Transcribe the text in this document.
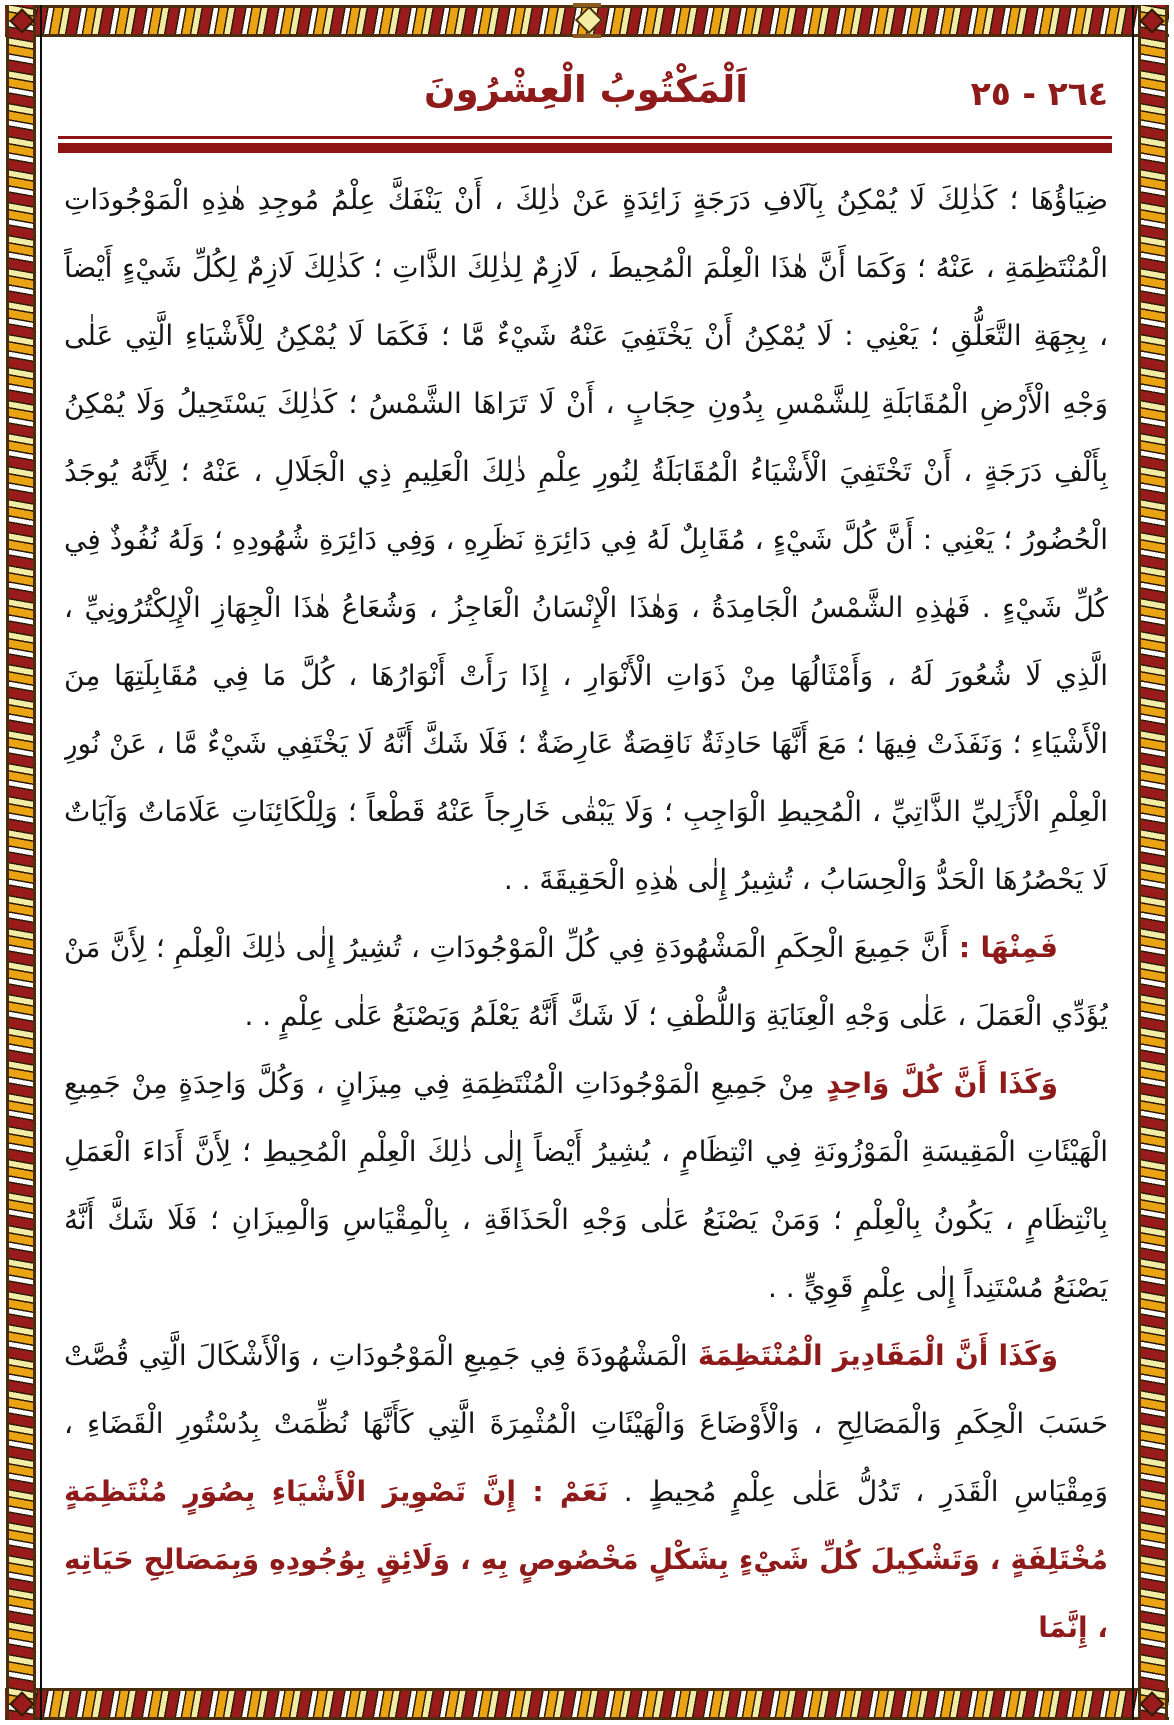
٢٦٤ - ٢٥
اَلْمَكْتُوبُ الْعِشْرُونَ

ضِيَاؤُهَا ؛ كَذٰلِكَ لَا يُمْكِنُ بِآلَافِ دَرَجَةٍ زَائِدَةٍ عَنْ ذٰلِكَ ، أَنْ يَنْفَكَّ عِلْمُ مُوجِدِ هٰذِهِ الْمَوْجُودَاتِ الْمُنْتَظِمَةِ ، عَنْهُ ؛ وَكَمَا أَنَّ هٰذَا الْعِلْمَ الْمُحِيطَ ، لَازِمٌ لِذٰلِكَ الذَّاتِ ؛ كَذٰلِكَ لَازِمٌ لِكُلِّ شَيْءٍ أَيْضاً ، بِجِهَةِ التَّعَلُّقِ ؛ يَعْنِي : لَا يُمْكِنُ أَنْ يَخْتَفِيَ عَنْهُ شَيْءٌ مَّا ؛ فَكَمَا لَا يُمْكِنُ لِلْأَشْيَاءِ الَّتِي عَلٰى وَجْهِ الْأَرْضِ الْمُقَابَلَةِ لِلشَّمْسِ بِدُونِ حِجَابٍ ، أَنْ لَا تَرَاهَا الشَّمْسُ ؛ كَذٰلِكَ يَسْتَحِيلُ وَلَا يُمْكِنُ بِأَلْفِ دَرَجَةٍ ، أَنْ تَخْتَفِيَ الْأَشْيَاءُ الْمُقَابَلَةُ لِنُورِ عِلْمِ ذٰلِكَ الْعَلِيمِ ذِي الْجَلَالِ ، عَنْهُ ؛ لِأَنَّهُ يُوجَدُ الْحُضُورُ ؛ يَعْنِي : أَنَّ كُلَّ شَيْءٍ ، مُقَابِلٌ لَهُ فِي دَائِرَةِ نَظَرِهِ ، وَفِي دَائِرَةِ شُهُودِهِ ؛ وَلَهُ نُفُوذٌ فِي كُلِّ شَيْءٍ . فَهٰذِهِ الشَّمْسُ الْجَامِدَةُ ، وَهٰذَا الْإِنْسَانُ الْعَاجِزُ ، وَشُعَاعُ هٰذَا الْجِهَازِ الْإِلِكْتُرُونِيِّ ، الَّذِي لَا شُعُورَ لَهُ ، وَأَمْثَالُهَا مِنْ ذَوَاتِ الْأَنْوَارِ ، إِذَا رَأَتْ أَنْوَارُهَا ، كُلَّ مَا فِي مُقَابِلَتِهَا مِنَ الْأَشْيَاءِ ؛ وَنَفَذَتْ فِيهَا ؛ مَعَ أَنَّهَا حَادِثَةٌ نَاقِصَةٌ عَارِضَةٌ ؛ فَلَا شَكَّ أَنَّهُ لَا يَخْتَفِي شَيْءٌ مَّا ، عَنْ نُورِ الْعِلْمِ الْأَزَلِيِّ الذَّاتِيِّ ، الْمُحِيطِ الْوَاجِبِ ؛ وَلَا يَبْقٰى خَارِجاً عَنْهُ قَطْعاً ؛ وَلِلْكَائِنَاتِ عَلَامَاتٌ وَآيَاتٌ لَا يَحْصُرُهَا الْحَدُّ وَالْحِسَابُ ، تُشِيرُ إِلٰى هٰذِهِ الْحَقِيقَةَ . .

فَمِنْهَا : أَنَّ جَمِيعَ الْحِكَمِ الْمَشْهُودَةِ فِي كُلِّ الْمَوْجُودَاتِ ، تُشِيرُ إِلٰى ذٰلِكَ الْعِلْمِ ؛ لِأَنَّ مَنْ يُؤَدِّي الْعَمَلَ ، عَلٰى وَجْهِ الْعِنَايَةِ وَاللُّطْفِ ؛ لَا شَكَّ أَنَّهُ يَعْلَمُ وَيَصْنَعُ عَلٰى عِلْمٍ . .

وَكَذَا أَنَّ كُلَّ وَاحِدٍ مِنْ جَمِيعِ الْمَوْجُودَاتِ الْمُنْتَظِمَةِ فِي مِيزَانٍ ، وَكُلَّ وَاحِدَةٍ مِنْ جَمِيعِ الْهَيْئَاتِ الْمَقِيسَةِ الْمَوْزُونَةِ فِي انْتِظَامٍ ، يُشِيرُ أَيْضاً إِلٰى ذٰلِكَ الْعِلْمِ الْمُحِيطِ ؛ لِأَنَّ أَدَاءَ الْعَمَلِ بِانْتِظَامٍ ، يَكُونُ بِالْعِلْمِ ؛ وَمَنْ يَصْنَعُ عَلٰى وَجْهِ الْحَذَاقَةِ ، بِالْمِقْيَاسِ وَالْمِيزَانِ ؛ فَلَا شَكَّ أَنَّهُ يَصْنَعُ مُسْتَنِداً إِلٰى عِلْمٍ قَوِيٍّ . .

وَكَذَا أَنَّ الْمَقَادِيرَ الْمُنْتَظِمَةَ الْمَشْهُودَةَ فِي جَمِيعِ الْمَوْجُودَاتِ ، وَالْأَشْكَالَ الَّتِي قُصَّتْ حَسَبَ الْحِكَمِ وَالْمَصَالِحِ ، وَالْأَوْضَاعَ وَالْهَيْئَاتِ الْمُثْمِرَةَ الَّتِي كَأَنَّهَا نُظِّمَتْ بِدُسْتُورِ الْقَضَاءِ ، وَمِقْيَاسِ الْقَدَرِ ، تَدُلُّ عَلٰى عِلْمٍ مُحِيطٍ . نَعَمْ : إِنَّ تَصْوِيرَ الْأَشْيَاءِ بِصُوَرٍ مُنْتَظِمَةٍ مُخْتَلِفَةٍ ، وَتَشْكِيلَ كُلِّ شَيْءٍ بِشَكْلٍ مَخْصُوصٍ بِهِ ، وَلَائِقٍ بِوُجُودِهِ وَبِمَصَالِحِ حَيَاتِهِ ، إِنَّمَا
